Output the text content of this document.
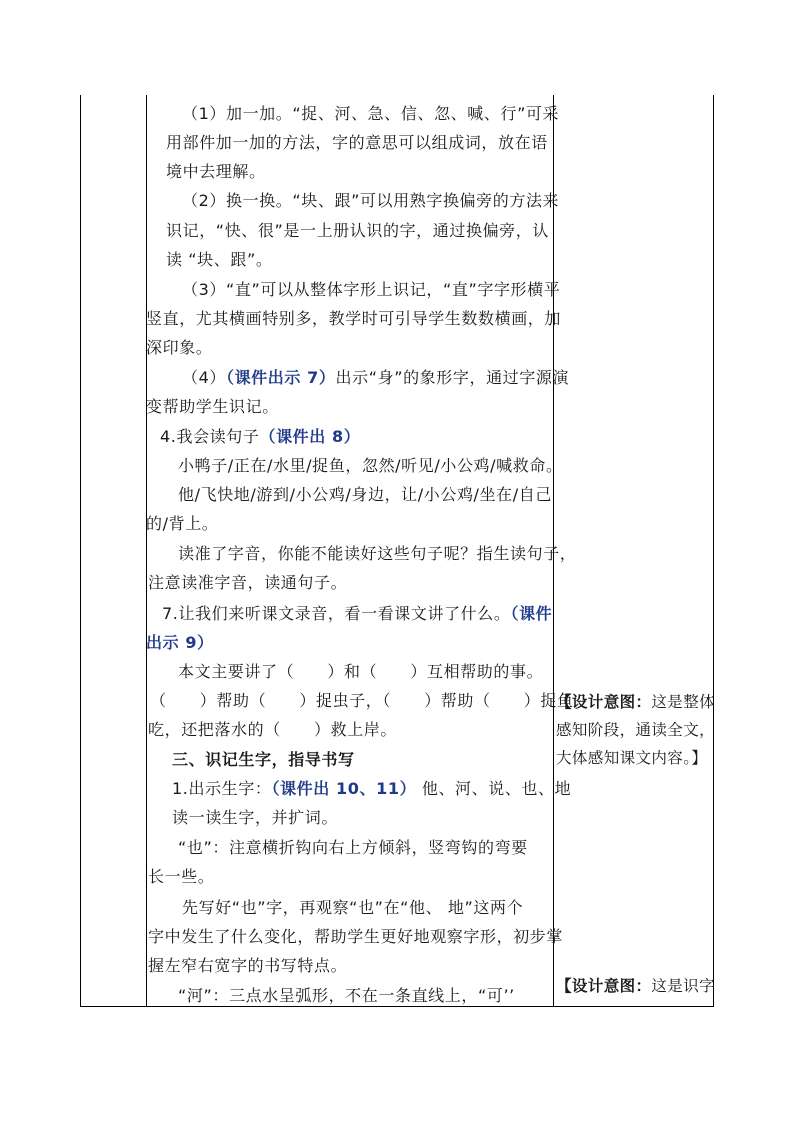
（1）加一加。“捉、河、急、信、忽、喊、行”可采
用部件加一加的方法，字的意思可以组成词，放在语
境中去理解。
（2）换一换。“块、跟”可以用熟字换偏旁的方法来
识记，“快、很”是一上册认识的字，通过换偏旁，认
读 “块、跟”。
（3）“直”可以从整体字形上识记，“直”字字形横平
竖直，尤其横画特别多，教学时可引导学生数数横画，加
深印象。
（4）（课件出示 7）出示“身”的象形字，通过字源演
变帮助学生识记。
4.我会读句子（课件出 8）
小鸭子/正在/水里/捉鱼，忽然/听见/小公鸡/喊救命。
他/飞快地/游到/小公鸡/身边，让/小公鸡/坐在/自己
的/背上。
读准了字音，你能不能读好这些句子呢？指生读句子，
注意读准字音，读通句子。
7.让我们来听课文录音，看一看课文讲了什么。（课件
出示 9）
本文主要讲了（　　）和（　　）互相帮助的事。
（　　）帮助（　　）捉虫子，（　　）帮助（　　）捉鱼
吃，还把落水的（　　）救上岸。
三、识记生字，指导书写
1.出示生字：（课件出 10、11） 他、河、说、也、地
读一读生字，并扩词。
“也”：注意横折钩向右上方倾斜，竖弯钩的弯要
长一些。
先写好“也”字，再观察“也”在“他、 地”这两个
字中发生了什么变化，帮助学生更好地观察字形，初步掌
握左窄右宽字的书写特点。
“河”：三点水呈弧形，不在一条直线上，“可’’
【设计意图：这是整体
感知阶段，通读全文，
大体感知课文内容。】
【设计意图：这是识字
